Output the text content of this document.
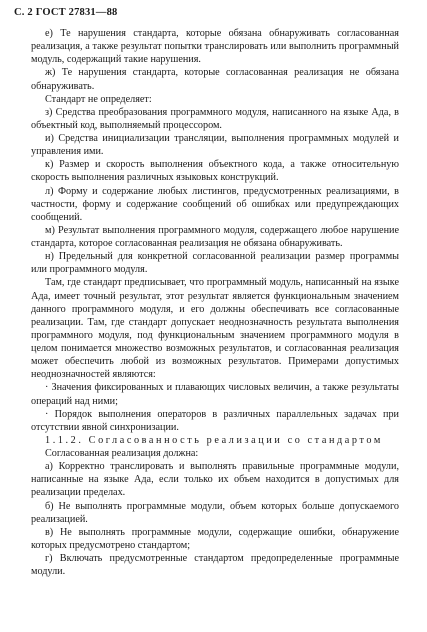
С. 2 ГОСТ 27831—88

е) Те нарушения стандарта, которые обязана обнаруживать согласованная реализация, а также результат попытки транслировать или выполнить программный модуль, содержащий такие нарушения.

ж) Те нарушения стандарта, которые согласованная реализация не обязана обнаруживать.

Стандарт не определяет:

з) Средства преобразования программного модуля, написанного на языке Ада, в объектный код, выполняемый процессором.

и) Средства инициализации трансляции, выполнения программных модулей и управления ими.

к) Размер и скорость выполнения объектного кода, а также относительную скорость выполнения различных языковых конструкций.

л) Форму и содержание любых листингов, предусмотренных реализациями, в частности, форму и содержание сообщений об ошибках или предупреждающих сообщений.

м) Результат выполнения программного модуля, содержащего любое нарушение стандарта, которое согласованная реализация не обязана обнаруживать.

н) Предельный для конкретной согласованной реализации размер программы или программного модуля.

Там, где стандарт предписывает, что программный модуль, написанный на языке Ада, имеет точный результат, этот результат является функциональным значением данного программного модуля, и его должны обеспечивать все согласованные реализации. Там, где стандарт допускает неоднозначность результата выполнения программного модуля, под функциональным значением программного модуля в целом понимается множество возможных результатов, и согласованная реализация может обеспечить любой из возможных результатов. Примерами допустимых неоднозначностей являются:

· Значения фиксированных и плавающих числовых величин, а также результаты операций над ними;

· Порядок выполнения операторов в различных параллельных задачах при отсутствии явной синхронизации.

1.1.2. Согласованность реализации со стандартом

Согласованная реализация должна:

а) Корректно транслировать и выполнять правильные программные модули, написанные на языке Ада, если только их объем находится в допустимых для реализации пределах.

б) Не выполнять программные модули, объем которых больше допускаемого реализацией.

в) Не выполнять программные модули, содержащие ошибки, обнаружение которых предусмотрено стандартом;

г) Включать предусмотренные стандартом предопределенные программные модули.
